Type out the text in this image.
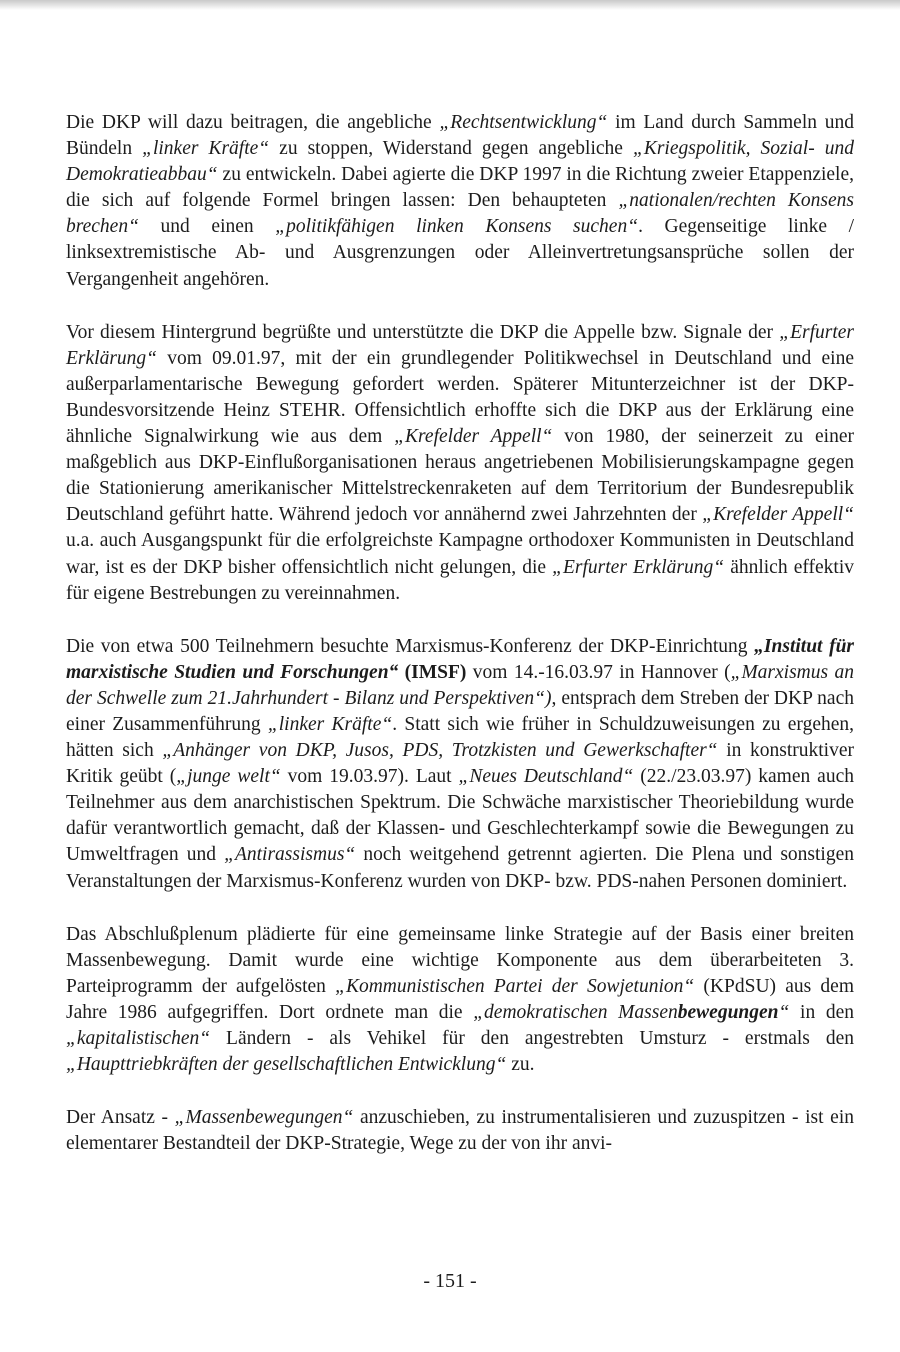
Die DKP will dazu beitragen, die angebliche „Rechtsentwicklung“ im Land durch Sammeln und Bündeln „linker Kräfte“ zu stoppen, Widerstand gegen angebliche „Kriegspolitik, Sozial- und Demokratieabbau“ zu entwickeln. Dabei agierte die DKP 1997 in die Richtung zweier Etappenziele, die sich auf folgende Formel bringen lassen: Den behaupteten „nationalen/rechten Konsens brechen“ und einen „politikfähigen linken Konsens suchen“. Gegenseitige linke / linksextremistische Ab- und Ausgrenzungen oder Alleinvertretungsansprüche sollen der Vergangenheit angehören.

Vor diesem Hintergrund begrüßte und unterstützte die DKP die Appelle bzw. Signale der „Erfurter Erklärung“ vom 09.01.97, mit der ein grundlegender Politikwechsel in Deutschland und eine außerparlamentarische Bewegung gefordert werden. Späterer Mitunterzeichner ist der DKP-Bundesvorsitzende Heinz STEHR. Offensichtlich erhoffte sich die DKP aus der Erklärung eine ähnliche Signalwirkung wie aus dem „Krefelder Appell“ von 1980, der seinerzeit zu einer maßgeblich aus DKP-Einflußorganisationen heraus angetriebenen Mobilisierungskampagne gegen die Stationierung amerikanischer Mittelstreckenraketen auf dem Territorium der Bundesrepublik Deutschland geführt hatte. Während jedoch vor annähernd zwei Jahrzehnten der „Krefelder Appell“ u.a. auch Ausgangspunkt für die erfolgreichste Kampagne orthodoxer Kommunisten in Deutschland war, ist es der DKP bisher offensichtlich nicht gelungen, die „Erfurter Erklärung“ ähnlich effektiv für eigene Bestrebungen zu vereinnahmen.

Die von etwa 500 Teilnehmern besuchte Marxismus-Konferenz der DKP-Einrichtung „Institut für marxistische Studien und Forschungen“ (IMSF) vom 14.-16.03.97 in Hannover („Marxismus an der Schwelle zum 21.Jahrhundert - Bilanz und Perspektiven“), entsprach dem Streben der DKP nach einer Zusammenführung „linker Kräfte“. Statt sich wie früher in Schuldzuweisungen zu ergehen, hätten sich „Anhänger von DKP, Jusos, PDS, Trotzkisten und Gewerkschafter“ in konstruktiver Kritik geübt („junge welt“ vom 19.03.97). Laut „Neues Deutschland“ (22./23.03.97) kamen auch Teilnehmer aus dem anarchistischen Spektrum. Die Schwäche marxistischer Theoriebildung wurde dafür verantwortlich gemacht, daß der Klassen- und Geschlechterkampf sowie die Bewegungen zu Umweltfragen und „Antirassismus“ noch weitgehend getrennt agierten. Die Plena und sonstigen Veranstaltungen der Marxismus-Konferenz wurden von DKP- bzw. PDS-nahen Personen dominiert.

Das Abschlußplenum plädierte für eine gemeinsame linke Strategie auf der Basis einer breiten Massenbewegung. Damit wurde eine wichtige Komponente aus dem überarbeiteten 3. Parteiprogramm der aufgelösten „Kommunistischen Partei der Sowjetunion“ (KPdSU) aus dem Jahre 1986 aufgegriffen. Dort ordnete man die „demokratischen Massenbewegungen“ in den „kapitalistischen“ Ländern - als Vehikel für den angestrebten Umsturz - erstmals den „Haupttriebkräften der gesellschaftlichen Entwicklung“ zu.

Der Ansatz - „Massenbewegungen“ anzuschieben, zu instrumentalisieren und zuzuspitzen - ist ein elementarer Bestandteil der DKP-Strategie, Wege zu der von ihr anvi-

- 151 -
